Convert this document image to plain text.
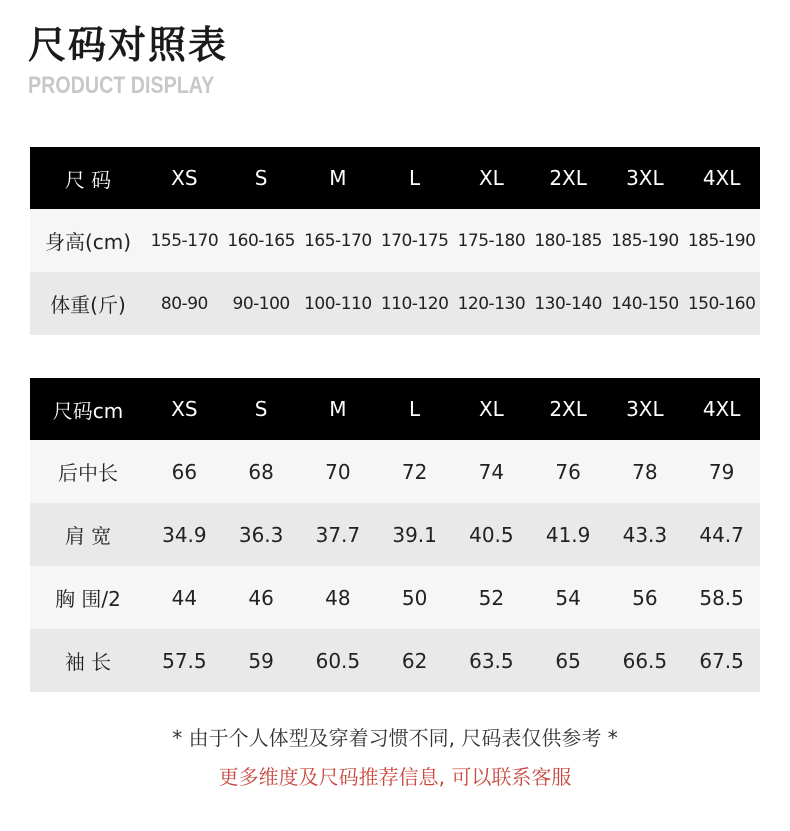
尺码对照表
PRODUCT DISPLAY
尺 码	XS	S	M	L	XL	2XL	3XL	4XL
身高(cm)	155-170	160-165	165-170	170-175	175-180	180-185	185-190	185-190
体重(斤)	80-90	90-100	100-110	110-120	120-130	130-140	140-150	150-160
尺码cm	XS	S	M	L	XL	2XL	3XL	4XL
后中长	66	68	70	72	74	76	78	79
肩 宽	34.9	36.3	37.7	39.1	40.5	41.9	43.3	44.7
胸 围/2	44	46	48	50	52	54	56	58.5
袖 长	57.5	59	60.5	62	63.5	65	66.5	67.5
* 由于个人体型及穿着习惯不同, 尺码表仅供参考 *
更多维度及尺码推荐信息, 可以联系客服
